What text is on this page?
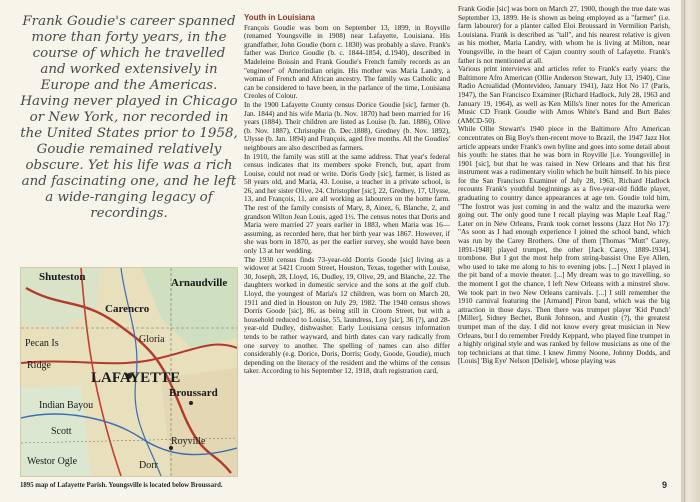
Frank Goudie's career spanned more than forty years, in the course of which he travelled and worked extensively in Europe and the Americas. Having never played in Chicago or New York, nor recorded in the United States prior to 1958, Goudie remained relatively obscure. Yet his life was a rich and fascinating one, and he left a wide-ranging legacy of recordings.

Shuteston	Arnaudville
Carencro
Pecan Is	Gloria
Ridge
LAFAYETTE
Indian Bayou
Broussard
Scott
Royville
Westor Ogle	Dorr
Youth in Louisiana

François Goudie was born on September 13, 1899, in Royville (renamed Youngsville in 1908) near Lafayette, Louisiana. His grandfather, John Goudie (born c. 1830) was probably a slave. Frank's father was Dorice Goudie (b. c. 1844-1854, d.1940), described in Madeleine Boissin and Frank Goudie's French family records as an "engineer" of Amerindian origin. His mother was Maria Landry, a woman of French and African ancestry. The family was Catholic and can be considered to have been, in the parlance of the time, Louisiana Creoles of Colour.

In the 1900 Lafayette County census Dorice Goudie [sic], farmer (b. Jan. 1844) and his wife Maria (b. Nov. 1870) had been married for 16 years (1884). Their children are listed as Louise (b. Jan. 1886), Olive (b. Nov. 1887), Christophe (b. Dec.1888), Gredney (b. Nov. 1892), Ulysse (b. Jan. 1894) and François, aged five months. All the Goudies' neighbours are also described as farmers.

In 1910, the family was still at the same address. That year's federal census indicates that its members spoke French, but, apart from Louise, could not read or write. Doris Gody [sic], farmer, is listed as 58 years old, and Maria, 43. Louise, a teacher in a private school, is 26, and her sister Olive, 24. Christopher [sic], 22, Gredney, 17, Ulysse, 13, and François, 11, are all working as labourers on the home farm. The rest of the family consists of Mary, 8, Ainez, 6, Blanche, 2, and grandson Wilton Jean Louis, aged 1½. The census notes that Doris and Maria were married 27 years earlier in 1883, when Maria was 16—assuming, as recorded here, that her birth year was 1867. However, if she was born in 1870, as per the earlier survey, she would have been only 13 at her wedding.

The 1930 census finds 73-year-old Dorris Goode [sic] living as a widower at 5421 Croom Street, Houston, Texas, together with Louise, 30, Joseph, 28, Lloyd, 16, Dudley, 19, Olive, 29, and Blanche, 22. The daughters worked in domestic service and the sons at the golf club. Lloyd, the youngest of Maria's 12 children, was born on March 20, 1911 and died in Houston on July 29, 1982. The 1940 census shows Dorris Goode [sic], 86, as being still in Croom Street, but with a household reduced to Louise, 55, laundress, Loy [sic], 36 (?), and 28-year-old Dudley, dishwasher. Early Louisiana census information tends to be rather wayward, and birth dates can vary radically from one survey to another. The spelling of names can also differ considerably (e.g. Dorice, Doris, Dorris; Gody, Goode, Goudie), much depending on the literacy of the resident and the whims of the census taker. According to his September 12, 1918, draft registration card,

Frank Godie [sic] was born on March 27, 1900, though the true date was September 13, 1899. He is shown as being employed as a "farmer" (i.e. farm labourer) for a planter called Eloi Broussard in Vermilion Parish, Louisiana. Frank is described as "tall", and his nearest relative is given as his mother, Maria Landry, with whom he is living at Milton, near Youngsville, in the heart of Cajun country south of Lafayette. Frank's father is not mentioned at all.

Various print interviews and articles refer to Frank's early years: the Baltimore Afro American (Ollie Anderson Stewart, July 13, 1940), Cine Radio Actualidad (Montevideo, January 1941), Jazz Hot No 17 (Paris, 1947), the San Francisco Examiner (Richard Hadlock, July 28, 1963 and January 19, 1964), as well as Ken Mills's liner notes for the American Music CD Frank Goudie with Amos White's Band and Burt Bales (AMCD-50).

While Ollie Stewart's 1940 piece in the Baltimore Afro American concentrates on Big Boy's then-recent move to Brazil, the 1947 Jazz Hot article appears under Frank's own byline and goes into some detail about his youth: he states that he was born in Royville [i.e. Youngsville] in 1901 [sic], but that he was raised in New Orleans and that his first instrument was a rudimentary violin which he built himself. In his piece for the San Francisco Examiner of July 28, 1963, Richard Hadlock recounts Frank's youthful beginnings as a five-year-old fiddle player, graduating to country dance appearances at age ten. Goudie told him, "The foxtrot was just coming in and the waltz and the mazurka were going out. The only good tune I recall playing was Maple Leaf Rag." Later on in New Orleans, Frank took cornet lessons (Jazz Hot No 17): "As soon as I had enough experience I joined the school band, which was run by the Carey Brothers. One of them [Thomas "Mutt" Carey, 1891-1948] played trumpet, the other [Jack Carey, 1889-1934], trombone. But I got the most help from string-bassist One Eye Allen, who used to take me along to his to evening jobs. [...] Next I played in the pit band of a movie theater. [...] My dream was to go travelling, so the moment I got the chance, I left New Orleans with a minstrel show. We took part in two New Orleans carnivals. [...] I still remember the 1910 carnival featuring the [Armand] Piron band, which was the big attraction in those days. Then there was trumpet player 'Kid Punch' [Miller], Sidney Bechet, Bunk Johnson, and Austin (?), the greatest trumpet man of the day. I did not know every great musician in New Orleans, but I do remember Freddy Keppard, who played fine trumpet in a highly original style and was ranked by fellow musicians as one of the top technicians at that time. I knew Jimmy Noone, Johnny Dodds, and [Louis] 'Big Eye' Nelson [Delisle], whose playing was

1895 map of Lafayette Parish. Youngsville is located below Broussard.	9
